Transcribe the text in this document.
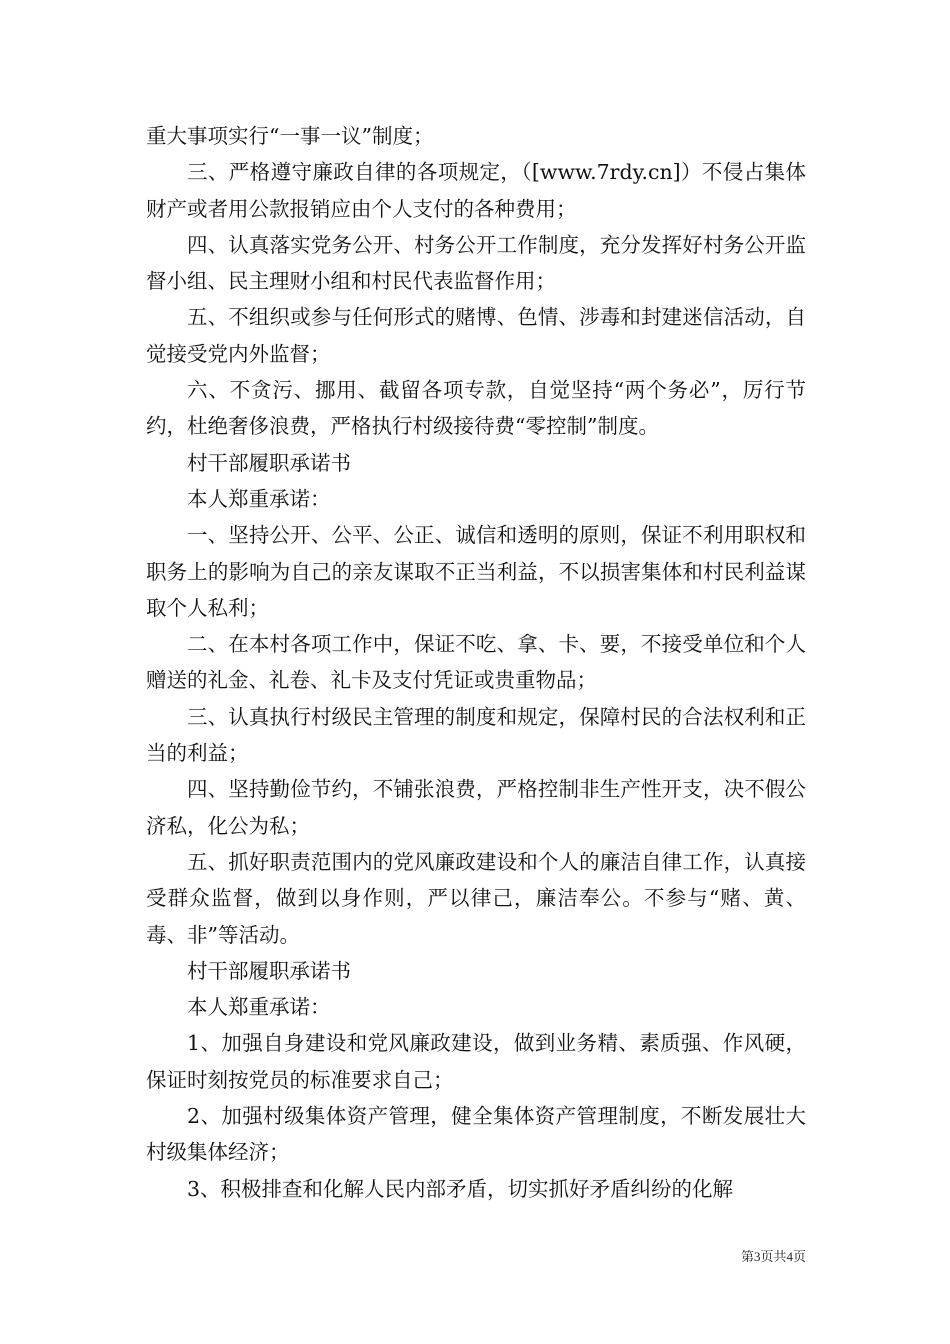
重大事项实行“一事一议”制度；

三、严格遵守廉政自律的各项规定，（[www.7rdy.cn]）不侵占集体财产或者用公款报销应由个人支付的各种费用；

四、认真落实党务公开、村务公开工作制度，充分发挥好村务公开监督小组、民主理财小组和村民代表监督作用；

五、不组织或参与任何形式的赌博、色情、涉毒和封建迷信活动，自觉接受党内外监督；

六、不贪污、挪用、截留各项专款，自觉坚持“两个务必”，厉行节约，杜绝奢侈浪费，严格执行村级接待费“零控制”制度。

村干部履职承诺书

本人郑重承诺：

一、坚持公开、公平、公正、诚信和透明的原则，保证不利用职权和职务上的影响为自己的亲友谋取不正当利益，不以损害集体和村民利益谋取个人私利；

二、在本村各项工作中，保证不吃、拿、卡、要，不接受单位和个人赠送的礼金、礼卷、礼卡及支付凭证或贵重物品；

三、认真执行村级民主管理的制度和规定，保障村民的合法权利和正当的利益；

四、坚持勤俭节约，不铺张浪费，严格控制非生产性开支，决不假公济私，化公为私；

五、抓好职责范围内的党风廉政建设和个人的廉洁自律工作，认真接受群众监督，做到以身作则，严以律己，廉洁奉公。不参与“赌、黄、毒、非”等活动。

村干部履职承诺书

本人郑重承诺：

1、加强自身建设和党风廉政建设，做到业务精、素质强、作风硬，保证时刻按党员的标准要求自己；

2、加强村级集体资产管理，健全集体资产管理制度，不断发展壮大村级集体经济；

3、积极排查和化解人民内部矛盾，切实抓好矛盾纠纷的化解

第3页共4页
